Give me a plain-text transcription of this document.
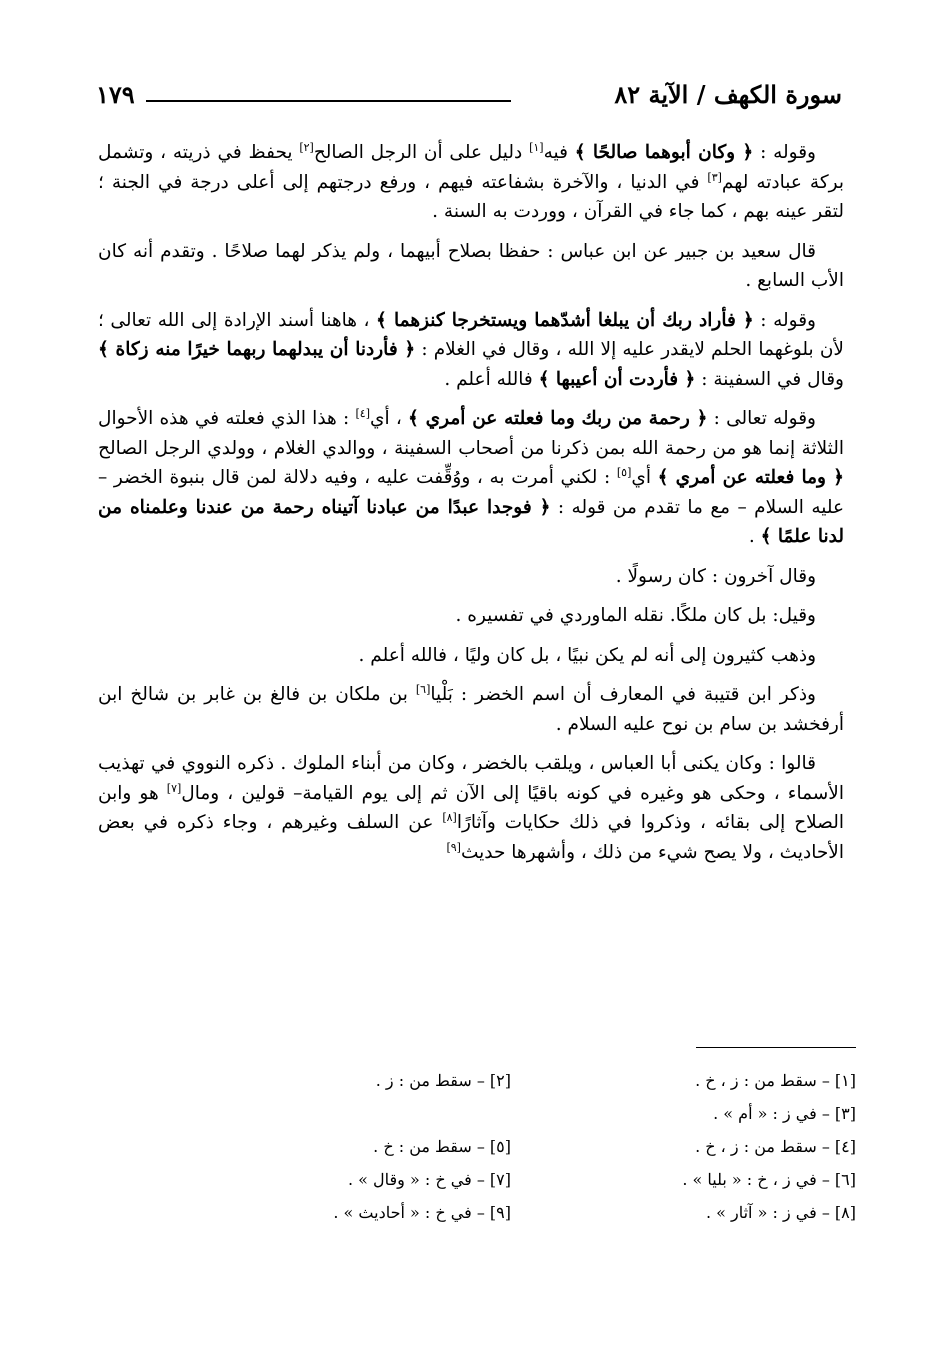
سورة الكهف / الآية ٨٢
١٧٩

وقوله : ﴿ وكان أبوهما صالحًا ﴾ فيه[١] دليل على أن الرجل الصالح[٢] يحفظ في ذريته ، وتشمل بركة عبادته لهم[٣] في الدنيا ، والآخرة بشفاعته فيهم ، ورفع درجتهم إلى أعلى درجة في الجنة ؛ لتقر عينه بهم ، كما جاء في القرآن ، ووردت به السنة .

قال سعيد بن جبير عن ابن عباس : حفظا بصلاح أبيهما ، ولم يذكر لهما صلاحًا . وتقدم أنه كان الأب السابع .

وقوله : ﴿ فأراد ربك أن يبلغا أشدّهما ويستخرجا كنزهما ﴾ ، هاهنا أسند الإرادة إلى الله تعالى ؛ لأن بلوغهما الحلم لايقدر عليه إلا الله ، وقال في الغلام : ﴿ فأردنا أن يبدلهما ربهما خيرًا منه زكاة ﴾ وقال في السفينة : ﴿ فأردت أن أعيبها ﴾ فالله أعلم .

وقوله تعالى : ﴿ رحمة من ربك وما فعلته عن أمري ﴾ ، أي[٤] : هذا الذي فعلته في هذه الأحوال الثلاثة إنما هو من رحمة الله بمن ذكرنا من أصحاب السفينة ، ووالدي الغلام ، وولدي الرجل الصالح ﴿ وما فعلته عن أمري ﴾ أي[٥] : لكني أمرت به ، ووُقِّفت عليه ، وفيه دلالة لمن قال بنبوة الخضر – عليه السلام – مع ما تقدم من قوله : ﴿ فوجدا عبدًا من عبادنا آتيناه رحمة من عندنا وعلمناه من لدنا علمًا ﴾ .

وقال آخرون : كان رسولًا .

وقيل: بل كان ملكًا. نقله الماوردي في تفسيره .

وذهب كثيرون إلى أنه لم يكن نبيًا ، بل كان وليًا ، فالله أعلم .

وذكر ابن قتيبة في المعارف أن اسم الخضر : بَلْيا[٦] بن ملكان بن فالغ بن غابر بن شالخ ابن أرفخشد بن سام بن نوح عليه السلام .

قالوا : وكان يكنى أبا العباس ، ويلقب بالخضر ، وكان من أبناء الملوك . ذكره النووي في تهذيب الأسماء ، وحكى هو وغيره في كونه باقيًا إلى الآن ثم إلى يوم القيامة– قولين ، ومال[٧] هو وابن الصلاح إلى بقائه ، وذكروا في ذلك حكايات وآثارًا[٨] عن السلف وغيرهم ، وجاء ذكره في بعض الأحاديث ، ولا يصح شيء من ذلك ، وأشهرها حديث[٩]

[١] – سقط من : ز ، خ .
[٢] – سقط من : ز .
[٣] – في ز : « أم » .
[٤] – سقط من : ز ، خ .
[٥] – سقط من : خ .
[٦] – في ز ، خ : « بليا » .
[٧] – في خ : « وقال » .
[٨] – في ز : « آثار » .
[٩] – في خ : « أحاديث » .
